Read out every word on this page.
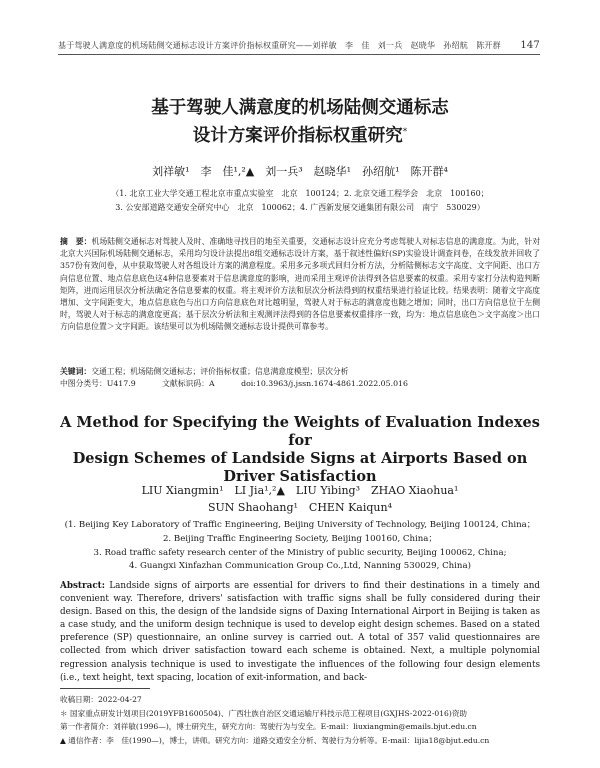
基于驾驶人满意度的机场陆侧交通标志设计方案评价指标权重研究——刘祥敏　李　佳　刘一兵　赵晓华　孙绍航　陈开群 147
基于驾驶人满意度的机场陆侧交通标志
设计方案评价指标权重研究*
刘祥敏¹　李　佳¹,²▲　刘一兵³　赵晓华¹　孙绍航¹　陈开群⁴
（1. 北京工业大学交通工程北京市重点实验室　北京　100124；2. 北京交通工程学会　北京　100160；
3. 公安部道路交通安全研究中心　北京　100062；4. 广西新发展交通集团有限公司　南宁　530029）
摘　要：机场陆侧交通标志对驾驶人及时、准确地寻找目的地至关重要，交通标志设计应充分考虑驾驶人对标志信息的满意度。为此，针对北京大兴国际机场陆侧交通标志，采用均匀设计法提出8组交通标志设计方案，基于叙述性偏好(SP)实验设计调查问卷，在线发放并回收了357份有效问卷，从中获取驾驶人对各组设计方案的满意程度。采用多元多项式回归分析方法，分析陆侧标志文字高度、文字间距、出口方向信息位置、地点信息底色这4种信息要素对于信息满意度的影响，进而采用主观评价法得到各信息要素的权重。采用专家打分法构造判断矩阵，进而运用层次分析法确定各信息要素的权重。将主观评价方法和层次分析法得到的权重结果进行验证比较。结果表明：随着文字高度增加、文字间距变大，地点信息底色与出口方向信息底色对比越明显，驾驶人对于标志的满意度也随之增加；同时，出口方向信息位于左侧时，驾驶人对于标志的满意度更高；基于层次分析法和主观测评法得到的各信息要素权重排序一致，均为：地点信息底色＞文字高度＞出口方向信息位置＞文字间距。该结果可以为机场陆侧交通标志设计提供可靠参考。
关键词：交通工程；机场陆侧交通标志；评价指标权重；信息满意度模型；层次分析
中图分类号：U417.9	文献标识码：A	doi:10.3963/j.jssn.1674-4861.2022.05.016
A Method for Specifying the Weights of Evaluation Indexes for
Design Schemes of Landside Signs at Airports Based on
Driver Satisfaction
LIU Xiangmin¹　LI Jia¹,²▲　LIU Yibing³　ZHAO Xiaohua¹
SUN Shaohang¹　CHEN Kaiqun⁴
(1. Beijing Key Laboratory of Traffic Engineering, Beijing University of Technology, Beijing 100124, China；
2. Beijing Traffic Engineering Society, Beijing 100160, China；
3. Road traffic safety research center of the Ministry of public security, Beijing 100062, China;
4. Guangxi Xinfazhan Communication Group Co.,Ltd, Nanning 530029, China)
Abstract: Landside signs of airports are essential for drivers to find their destinations in a timely and convenient way. Therefore, drivers' satisfaction with traffic signs shall be fully considered during their design. Based on this, the design of the landside signs of Daxing International Airport in Beijing is taken as a case study, and the uniform design technique is used to develop eight design schemes. Based on a stated preference (SP) questionnaire, an online survey is carried out. A total of 357 valid questionnaires are collected from which driver satisfaction toward each scheme is obtained. Next, a multiple polynomial regression analysis technique is used to investigate the influences of the following four design elements (i.e., text height, text spacing, location of exit-information, and back-
收稿日期：2022-04-27
＊ 国家重点研发计划项目(2019YFB1600504)、广西壮族自治区交通运输厅科技示范工程项目(GXJHS-2022-016)资助
第一作者简介：刘祥敏(1996—)，博士研究生，研究方向：驾驶行为与安全。E-mail：liuxiangmin@emails.bjut.edu.cn
▲ 通信作者：李　佳(1990—)，博士，讲师。研究方向：道路交通安全分析、驾驶行为分析等。E-mail：lijia18@bjut.edu.cn
